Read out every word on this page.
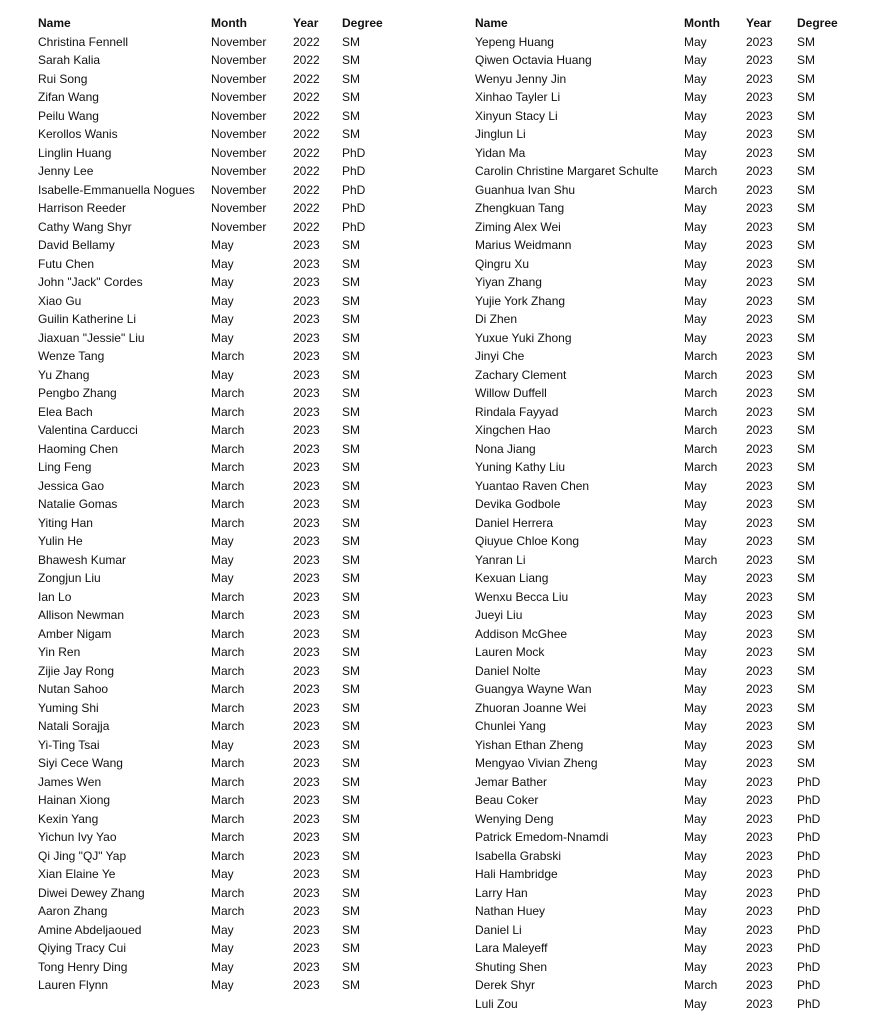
Name	Month	Year Degree
Christina Fennell	November 2022 SM
Sarah Kalia	November 2022 SM
Rui Song	November 2022 SM
Zifan Wang	November 2022 SM
Peilu Wang	November 2022 SM
Kerollos Wanis	November 2022 SM
Linglin Huang	November 2022 PhD
Jenny Lee	November 2022 PhD
Isabelle-Emmanuella Nogues November 2022 PhD
Harrison Reeder	November 2022 PhD
Cathy Wang Shyr	November 2022 PhD
David Bellamy	May	2023 SM
Futu Chen	May	2023 SM
John "Jack" Cordes	May	2023 SM
Xiao Gu	May	2023 SM
Guilin Katherine Li	May	2023 SM
Jiaxuan "Jessie" Liu	May	2023 SM
Wenze Tang	March	2023 SM
Yu Zhang	May	2023 SM
Pengbo Zhang	March	2023 SM
Elea Bach	March	2023 SM
Valentina Carducci	March	2023 SM
Haoming Chen	March	2023 SM
Ling Feng	March	2023 SM
Jessica Gao	March	2023 SM
Natalie Gomas	March	2023 SM
Yiting Han	March	2023 SM
Yulin He	May	2023 SM
Bhawesh Kumar	May	2023 SM
Zongjun Liu	May	2023 SM
Ian Lo	March	2023 SM
Allison Newman	March	2023 SM
Amber Nigam	March	2023 SM
Yin Ren	March	2023 SM
Zijie Jay Rong	March	2023 SM
Nutan Sahoo	March	2023 SM
Yuming Shi	March	2023 SM
Natali Sorajja	March	2023 SM
Yi-Ting Tsai	May	2023 SM
Siyi Cece Wang	March	2023 SM
James Wen	March	2023 SM
Hainan Xiong	March	2023 SM
Kexin Yang	March	2023 SM
Yichun Ivy Yao	March	2023 SM
Qi Jing "QJ" Yap	March	2023 SM
Xian Elaine Ye	May	2023 SM
Diwei Dewey Zhang	March	2023 SM
Aaron Zhang	March	2023 SM
Amine Abdeljaoued	May	2023 SM
Qiying Tracy Cui	May	2023 SM
Tong Henry Ding	May	2023 SM
Lauren Flynn	May	2023 SM
Name	Month Year Degree
Yepeng Huang	May	2023 SM
Qiwen Octavia Huang	May	2023 SM
Wenyu Jenny Jin	May	2023 SM
Xinhao Tayler Li	May	2023 SM
Xinyun Stacy Li	May	2023 SM
Jinglun Li	May	2023 SM
Yidan Ma	May	2023 SM
Carolin Christine Margaret Schulte March 2023 SM
Guanhua Ivan Shu	March 2023 SM
Zhengkuan Tang	May	2023 SM
Ziming Alex Wei	May	2023 SM
Marius Weidmann	May	2023 SM
Qingru Xu	May	2023 SM
Yiyan Zhang	May	2023 SM
Yujie York Zhang	May	2023 SM
Di Zhen	May	2023 SM
Yuxue Yuki Zhong	May	2023 SM
Jinyi Che	March 2023 SM
Zachary Clement	March 2023 SM
Willow Duffell	March 2023 SM
Rindala Fayyad	March 2023 SM
Xingchen Hao	March 2023 SM
Nona Jiang	March 2023 SM
Yuning Kathy Liu	March 2023 SM
Yuantao Raven Chen	May	2023 SM
Devika Godbole	May	2023 SM
Daniel Herrera	May	2023 SM
Qiuyue Chloe Kong	May	2023 SM
Yanran Li	March 2023 SM
Kexuan Liang	May	2023 SM
Wenxu Becca Liu	May	2023 SM
Jueyi Liu	May	2023 SM
Addison McGhee	May	2023 SM
Lauren Mock	May	2023 SM
Daniel Nolte	May	2023 SM
Guangya Wayne Wan	May	2023 SM
Zhuoran Joanne Wei	May	2023 SM
Chunlei Yang	May	2023 SM
Yishan Ethan Zheng	May	2023 SM
Mengyao Vivian Zheng	May	2023 SM
Jemar Bather	May	2023 PhD
Beau Coker	May	2023 PhD
Wenying Deng	May	2023 PhD
Patrick Emedom-Nnamdi	May	2023 PhD
Isabella Grabski	May	2023 PhD
Hali Hambridge	May	2023 PhD
Larry Han	May	2023 PhD
Nathan Huey	May	2023 PhD
Daniel Li	May	2023 PhD
Lara Maleyeff	May	2023 PhD
Shuting Shen	May	2023 PhD
Derek Shyr	March 2023 PhD
Luli Zou	May	2023 PhD
